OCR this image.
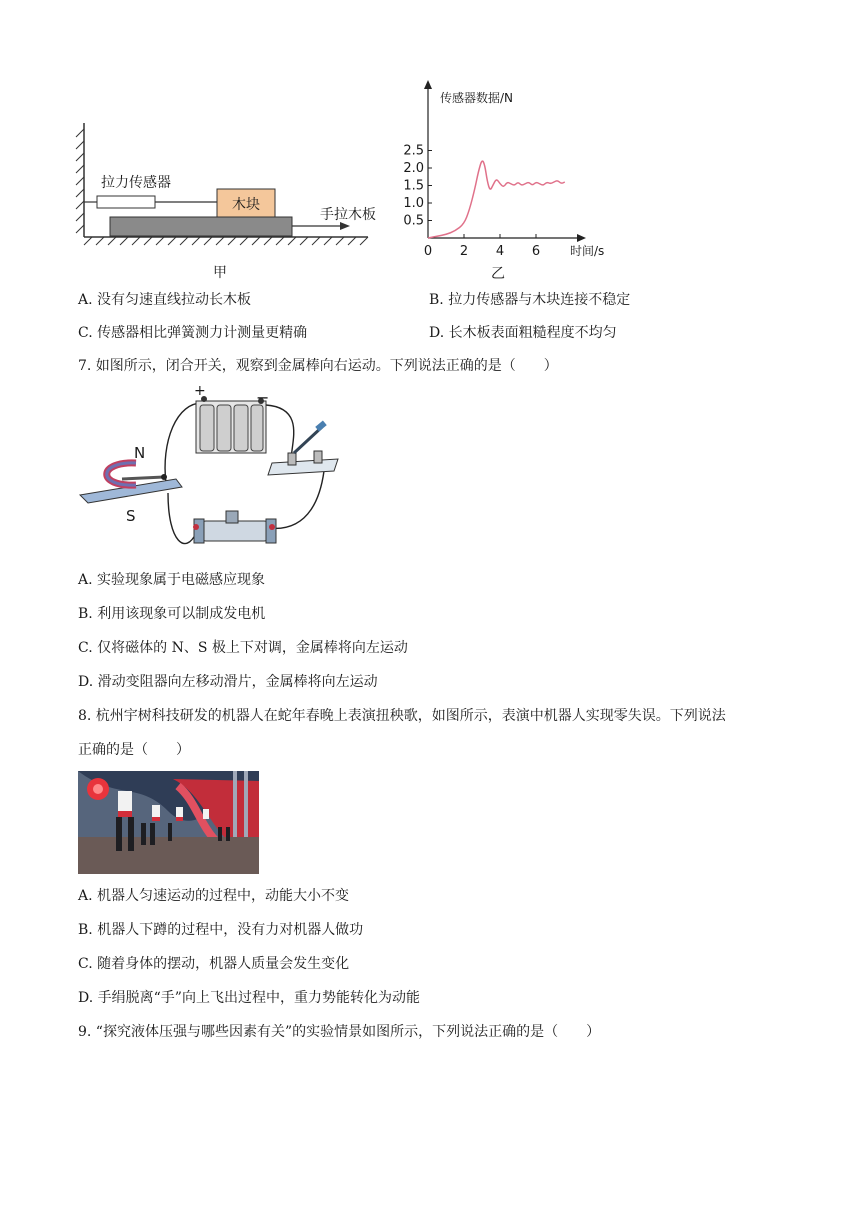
木块
拉力传感器
手拉木板
甲
0.5
1.0
1.5
2.0
2.5
0 2 4 6
传感器数据/N
时间/s
乙
A. 没有匀速直线拉动长木板	B. 拉力传感器与木块连接不稳定
C. 传感器相比弹簧测力计测量更精确	D. 长木板表面粗糙程度不均匀
7. 如图所示，闭合开关，观察到金属棒向右运动。下列说法正确的是（　　）
+	−
N
S
A. 实验现象属于电磁感应现象
B. 利用该现象可以制成发电机
C. 仅将磁体的 N、S 极上下对调，金属棒将向左运动
D. 滑动变阻器向左移动滑片，金属棒将向左运动
8. 杭州宇树科技研发的机器人在蛇年春晚上表演扭秧歌，如图所示，表演中机器人实现零失误。下列说法
正确的是（　　）
A. 机器人匀速运动的过程中，动能大小不变
B. 机器人下蹲的过程中，没有力对机器人做功
C. 随着身体的摆动，机器人质量会发生变化
D. 手绢脱离“手”向上飞出过程中，重力势能转化为动能
9. “探究液体压强与哪些因素有关”的实验情景如图所示，下列说法正确的是（　　）
